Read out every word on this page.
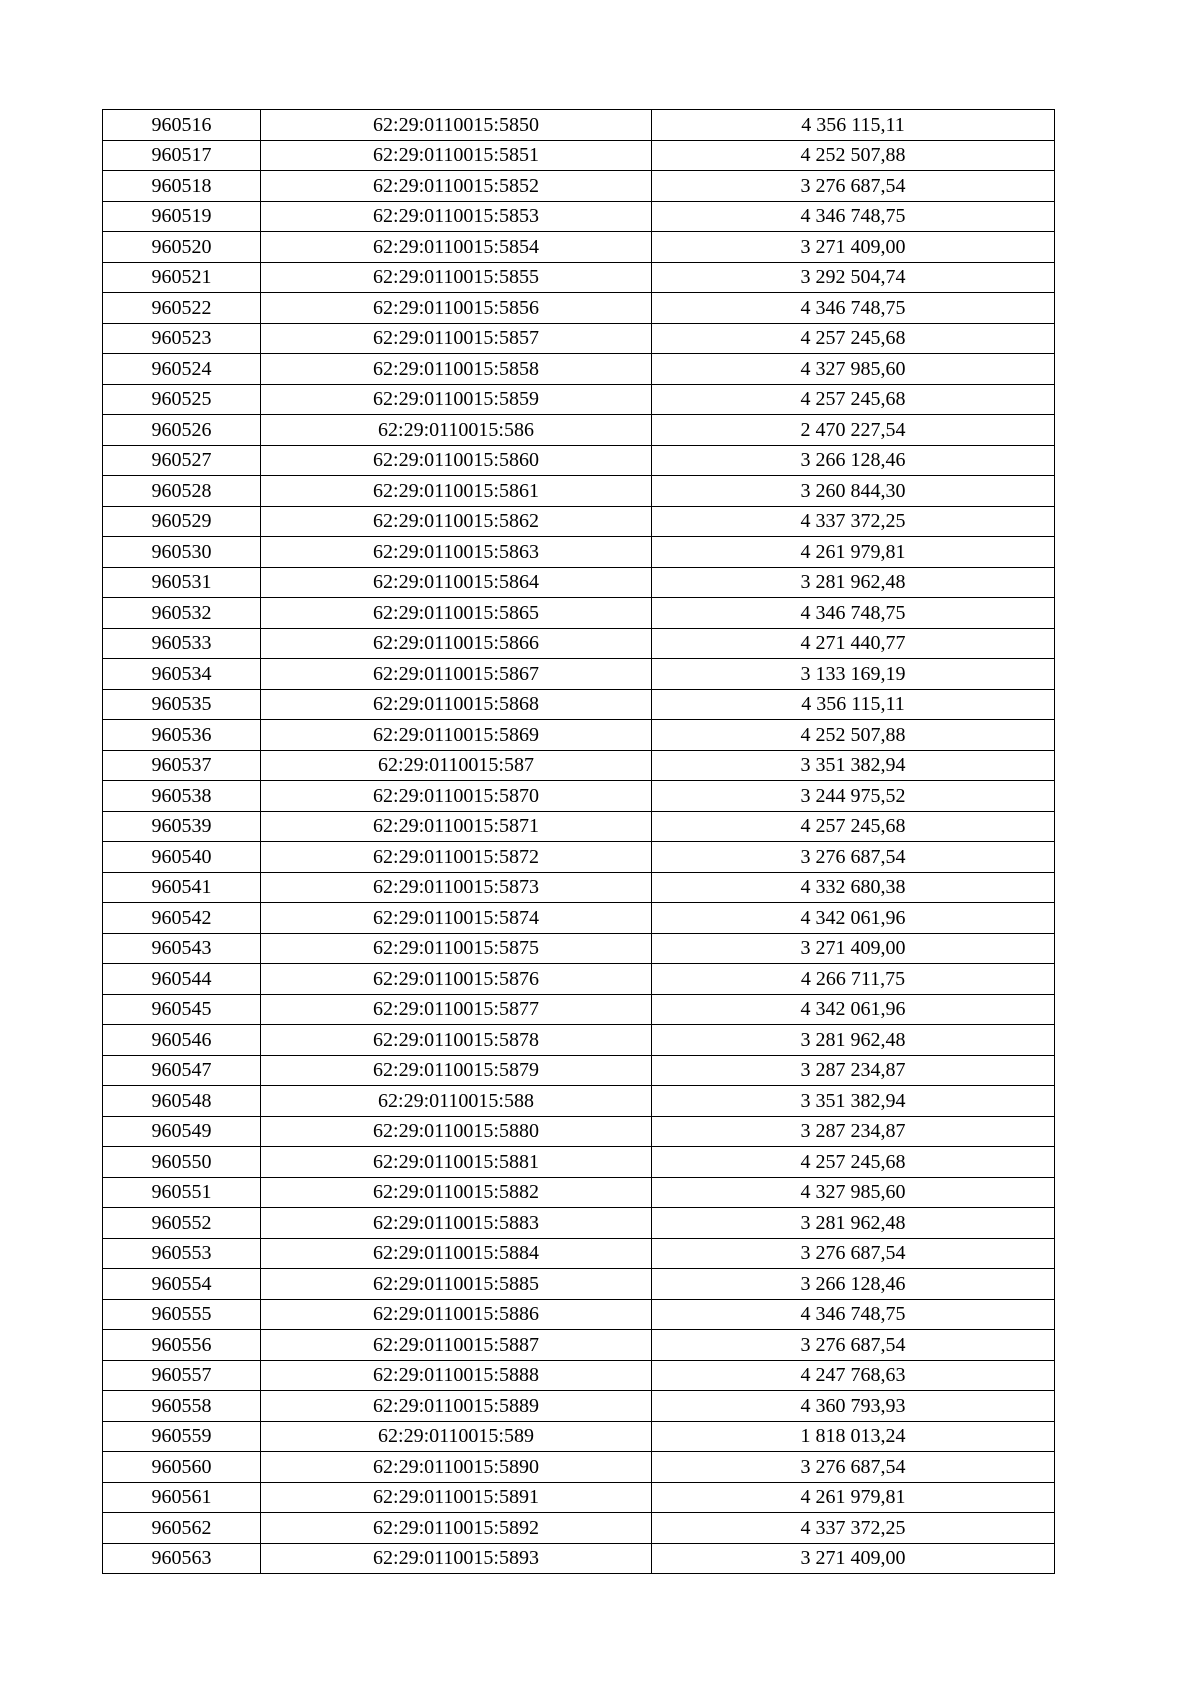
960516	62:29:0110015:5850	4 356 115,11
960517	62:29:0110015:5851	4 252 507,88
960518	62:29:0110015:5852	3 276 687,54
960519	62:29:0110015:5853	4 346 748,75
960520	62:29:0110015:5854	3 271 409,00
960521	62:29:0110015:5855	3 292 504,74
960522	62:29:0110015:5856	4 346 748,75
960523	62:29:0110015:5857	4 257 245,68
960524	62:29:0110015:5858	4 327 985,60
960525	62:29:0110015:5859	4 257 245,68
960526	62:29:0110015:586	2 470 227,54
960527	62:29:0110015:5860	3 266 128,46
960528	62:29:0110015:5861	3 260 844,30
960529	62:29:0110015:5862	4 337 372,25
960530	62:29:0110015:5863	4 261 979,81
960531	62:29:0110015:5864	3 281 962,48
960532	62:29:0110015:5865	4 346 748,75
960533	62:29:0110015:5866	4 271 440,77
960534	62:29:0110015:5867	3 133 169,19
960535	62:29:0110015:5868	4 356 115,11
960536	62:29:0110015:5869	4 252 507,88
960537	62:29:0110015:587	3 351 382,94
960538	62:29:0110015:5870	3 244 975,52
960539	62:29:0110015:5871	4 257 245,68
960540	62:29:0110015:5872	3 276 687,54
960541	62:29:0110015:5873	4 332 680,38
960542	62:29:0110015:5874	4 342 061,96
960543	62:29:0110015:5875	3 271 409,00
960544	62:29:0110015:5876	4 266 711,75
960545	62:29:0110015:5877	4 342 061,96
960546	62:29:0110015:5878	3 281 962,48
960547	62:29:0110015:5879	3 287 234,87
960548	62:29:0110015:588	3 351 382,94
960549	62:29:0110015:5880	3 287 234,87
960550	62:29:0110015:5881	4 257 245,68
960551	62:29:0110015:5882	4 327 985,60
960552	62:29:0110015:5883	3 281 962,48
960553	62:29:0110015:5884	3 276 687,54
960554	62:29:0110015:5885	3 266 128,46
960555	62:29:0110015:5886	4 346 748,75
960556	62:29:0110015:5887	3 276 687,54
960557	62:29:0110015:5888	4 247 768,63
960558	62:29:0110015:5889	4 360 793,93
960559	62:29:0110015:589	1 818 013,24
960560	62:29:0110015:5890	3 276 687,54
960561	62:29:0110015:5891	4 261 979,81
960562	62:29:0110015:5892	4 337 372,25
960563	62:29:0110015:5893	3 271 409,00
